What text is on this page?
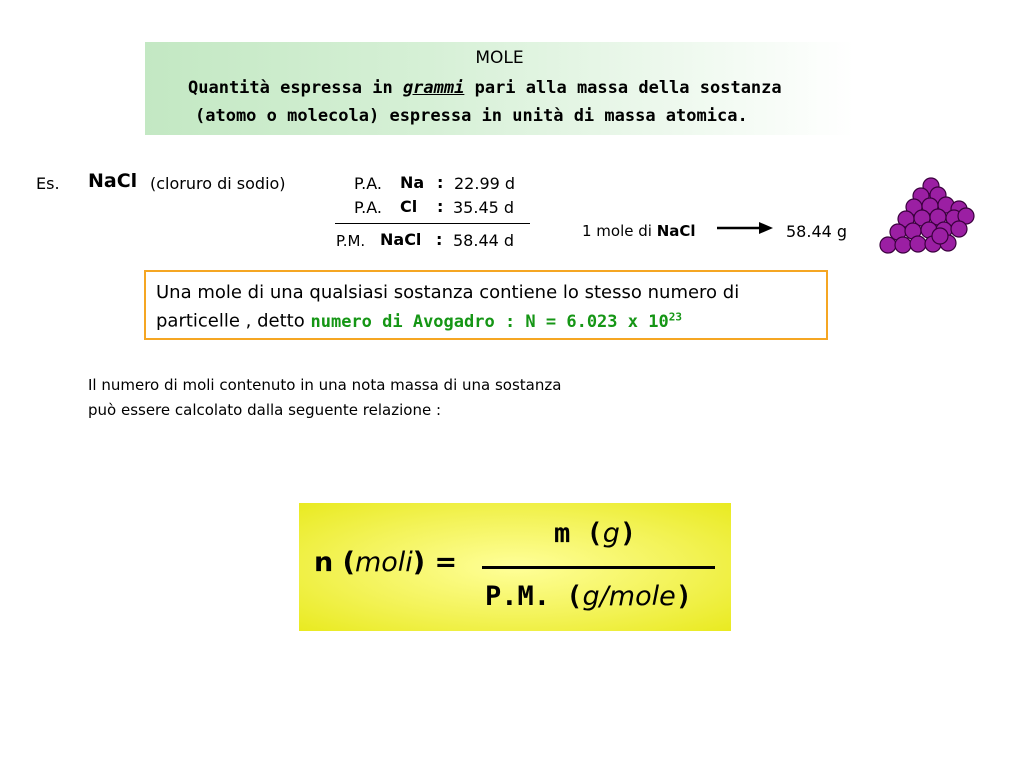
MOLE
Quantità espressa in grammi pari alla massa della sostanza
(atomo o molecola) espressa in unità di massa atomica.
Es. NaCl (cloruro di sodio)	P.A. Na : 22.99 d
P.A. Cl : 35.45 d
P.M. NaCl : 58.44 d	1 mole di NaCl	58.44 g
Una mole di una qualsiasi sostanza contiene lo stesso numero di
particelle , detto numero di Avogadro : N = 6.023 x $10^{23}$
Il numero di moli contenuto in una nota massa di una sostanza
può essere calcolato dalla seguente relazione :
n (moli) =
m (g)
P.M. (g/mole)
